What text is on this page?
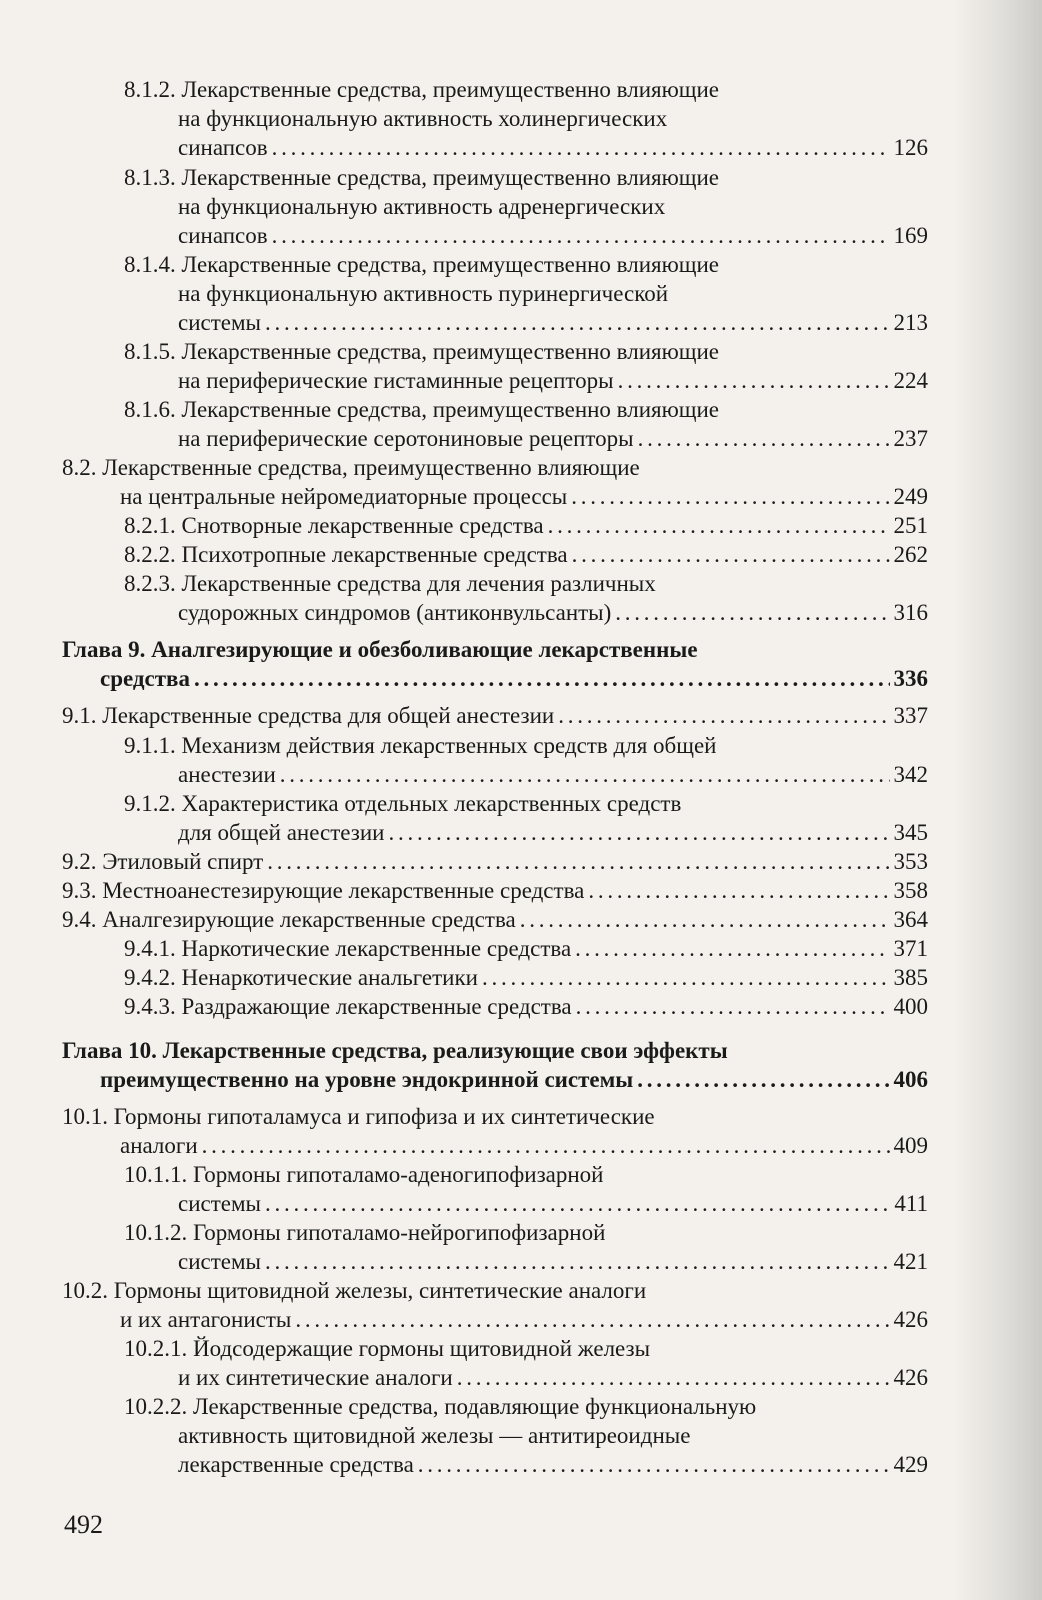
8.1.2. Лекарственные средства, преимущественно влияющие
на функциональную активность холинергических
синапсов . . .	126
8.1.3. Лекарственные средства, преимущественно влияющие
на функциональную активность адренергических
синапсов . . .	169
8.1.4. Лекарственные средства, преимущественно влияющие
на функциональную активность пуринергической
системы . . .	213
8.1.5. Лекарственные средства, преимущественно влияющие
на периферические гистаминные рецепторы . . .	224
8.1.6. Лекарственные средства, преимущественно влияющие
на периферические серотониновые рецепторы . . .	237
8.2. Лекарственные средства, преимущественно влияющие
на центральные нейромедиаторные процессы . . .	249
8.2.1. Снотворные лекарственные средства . . .	251
8.2.2. Психотропные лекарственные средства . . .	262
8.2.3. Лекарственные средства для лечения различных
судорожных синдромов (антиконвульсанты) . . .	316
Глава 9. Аналгезирующие и обезболивающие лекарственные
средства . . .	336
9.1. Лекарственные средства для общей анестезии . . .	337
9.1.1. Механизм действия лекарственных средств для общей
анестезии . . .	342
9.1.2. Характеристика отдельных лекарственных средств
для общей анестезии . . .	345
9.2. Этиловый спирт . . .	353
9.3. Местноанестезирующие лекарственные средства . . .	358
9.4. Аналгезирующие лекарственные средства . . .	364
9.4.1. Наркотические лекарственные средства . . .	371
9.4.2. Ненаркотические анальгетики . . .	385
9.4.3. Раздражающие лекарственные средства . . .	400
Глава 10. Лекарственные средства, реализующие свои эффекты
преимущественно на уровне эндокринной системы . . .	406
10.1. Гормоны гипоталамуса и гипофиза и их синтетические
аналоги . . .	409
10.1.1. Гормоны гипоталамо-аденогипофизарной
системы . . .	411
10.1.2. Гормоны гипоталамо-нейрогипофизарной
системы . . .	421
10.2. Гормоны щитовидной железы, синтетические аналоги
и их антагонисты . . .	426
10.2.1. Йодсодержащие гормоны щитовидной железы
и их синтетические аналоги . . .	426
10.2.2. Лекарственные средства, подавляющие функциональную
активность щитовидной железы — антитиреоидные
лекарственные средства . . .	429
492
